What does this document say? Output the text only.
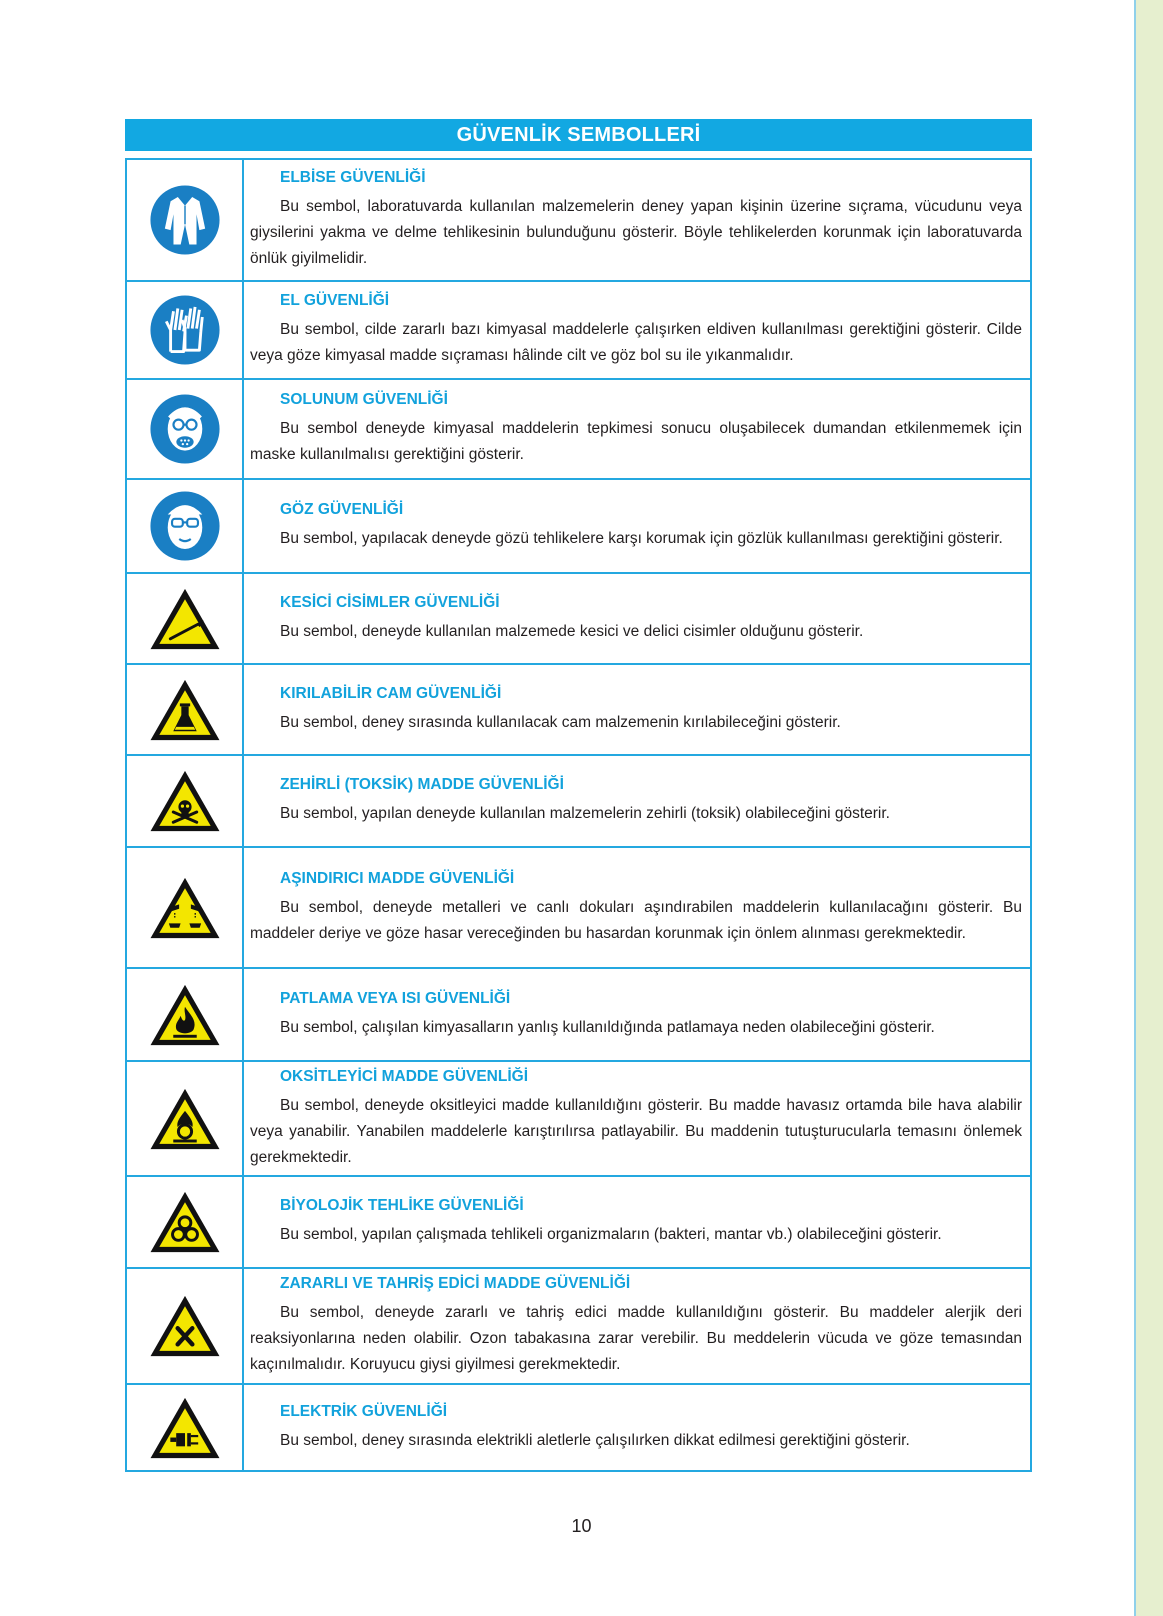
GÜVENLİK SEMBOLLERİ
ELBİSE GÜVENLİĞİ

Bu sembol, laboratuvarda kullanılan malzemelerin deney yapan kişinin üzerine sıçrama, vücudunu veya giysilerini yakma ve delme tehlikesinin bulunduğunu gösterir. Böyle tehlikelerden korunmak için laboratuvarda önlük giyilmelidir.

EL GÜVENLİĞİ

Bu sembol, cilde zararlı bazı kimyasal maddelerle çalışırken eldiven kullanılması gerektiğini gösterir. Cilde veya göze kimyasal madde sıçraması hâlinde cilt ve göz bol su ile yıkanmalıdır.

SOLUNUM GÜVENLİĞİ

Bu sembol deneyde kimyasal maddelerin tepkimesi sonucu oluşabilecek dumandan etkilenmemek için maske kullanılmalısı gerektiğini gösterir.

GÖZ GÜVENLİĞİ

Bu sembol, yapılacak deneyde gözü tehlikelere karşı korumak için gözlük kullanılması gerektiğini gösterir.

KESİCİ CİSİMLER GÜVENLİĞİ

Bu sembol, deneyde kullanılan malzemede kesici ve delici cisimler olduğunu gösterir.

KIRILABİLİR CAM GÜVENLİĞİ

Bu sembol, deney sırasında kullanılacak cam malzemenin kırılabileceğini gösterir.

ZEHİRLİ (TOKSİK) MADDE GÜVENLİĞİ

Bu sembol, yapılan deneyde kullanılan malzemelerin zehirli (toksik) olabileceğini gösterir.

AŞINDIRICI MADDE GÜVENLİĞİ

Bu sembol, deneyde metalleri ve canlı dokuları aşındırabilen maddelerin kullanılacağını gösterir. Bu maddeler deriye ve göze hasar vereceğinden bu hasardan korunmak için önlem alınması gerekmektedir.

PATLAMA VEYA ISI GÜVENLİĞİ

Bu sembol, çalışılan kimyasalların yanlış kullanıldığında patlamaya neden olabileceğini gösterir.

OKSİTLEYİCİ MADDE GÜVENLİĞİ

Bu sembol, deneyde oksitleyici madde kullanıldığını gösterir. Bu madde havasız ortamda bile hava alabilir veya yanabilir. Yanabilen maddelerle karıştırılırsa patlayabilir. Bu maddenin tutuşturucularla temasını önlemek gerekmektedir.

BİYOLOJİK TEHLİKE GÜVENLİĞİ

Bu sembol, yapılan çalışmada tehlikeli organizmaların (bakteri, mantar vb.) olabileceğini gösterir.

ZARARLI VE TAHRİŞ EDİCİ MADDE GÜVENLİĞİ

Bu sembol, deneyde zararlı ve tahriş edici madde kullanıldığını gösterir. Bu maddeler alerjik deri reaksiyonlarına neden olabilir. Ozon tabakasına zarar verebilir. Bu meddelerin vücuda ve göze temasından kaçınılmalıdır. Koruyucu giysi giyilmesi gerekmektedir.

ELEKTRİK GÜVENLİĞİ

Bu sembol, deney sırasında elektrikli aletlerle çalışılırken dikkat edilmesi gerektiğini gösterir.

10
